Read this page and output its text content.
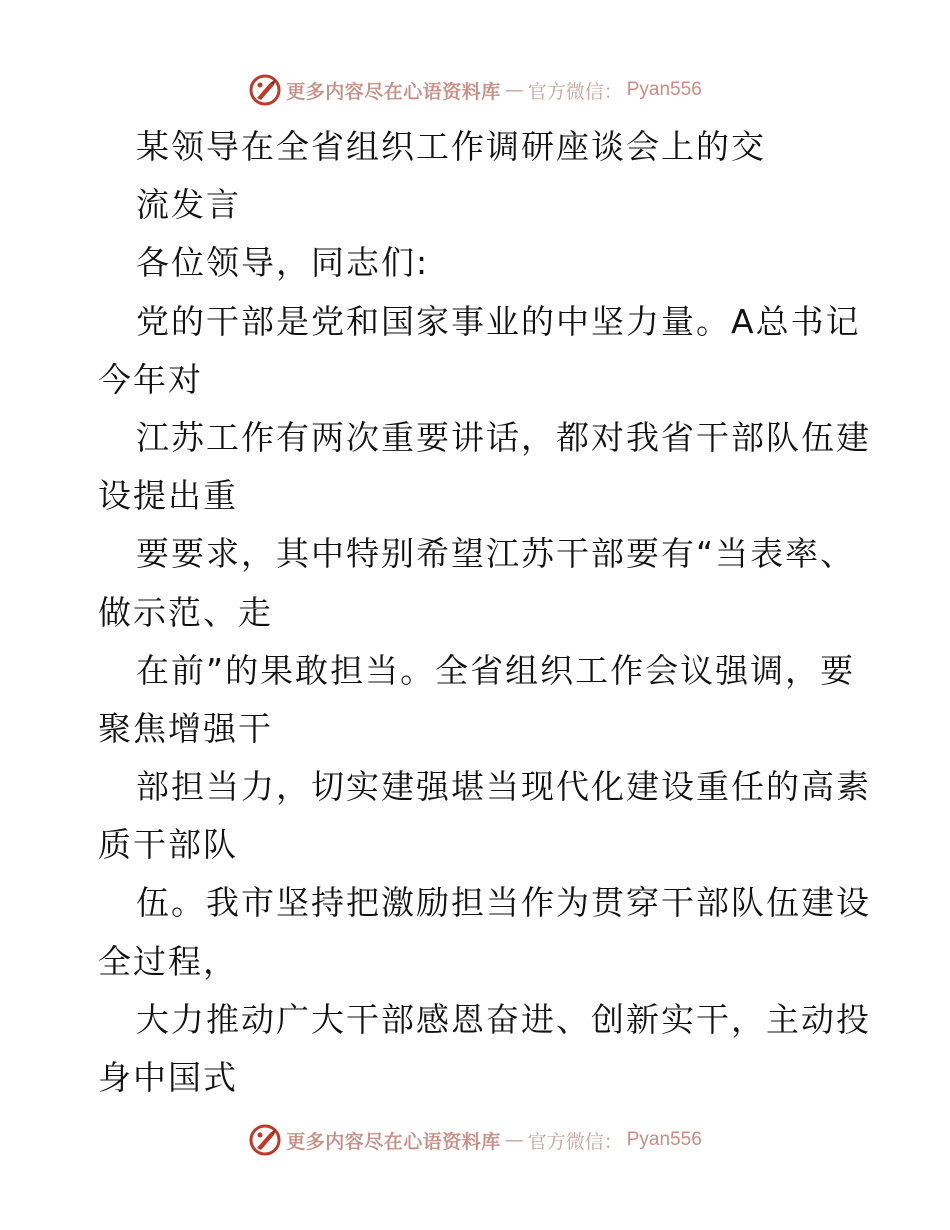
更多内容尽在心语资料库 — 官方微信： Pyan556
某领导在全省组织工作调研座谈会上的交
流发言
各位领导，同志们:
党的干部是党和国家事业的中坚力量。A总书记
今年对
江苏工作有两次重要讲话，都对我省干部队伍建
设提出重
要要求，其中特别希望江苏干部要有“当表率、
做示范、走
在前”的果敢担当。全省组织工作会议强调，要
聚焦增强干
部担当力，切实建强堪当现代化建设重任的高素
质干部队
伍。我市坚持把激励担当作为贯穿干部队伍建设
全过程，
大力推动广大干部感恩奋进、创新实干，主动投
身中国式
更多内容尽在心语资料库 — 官方微信： Pyan556
